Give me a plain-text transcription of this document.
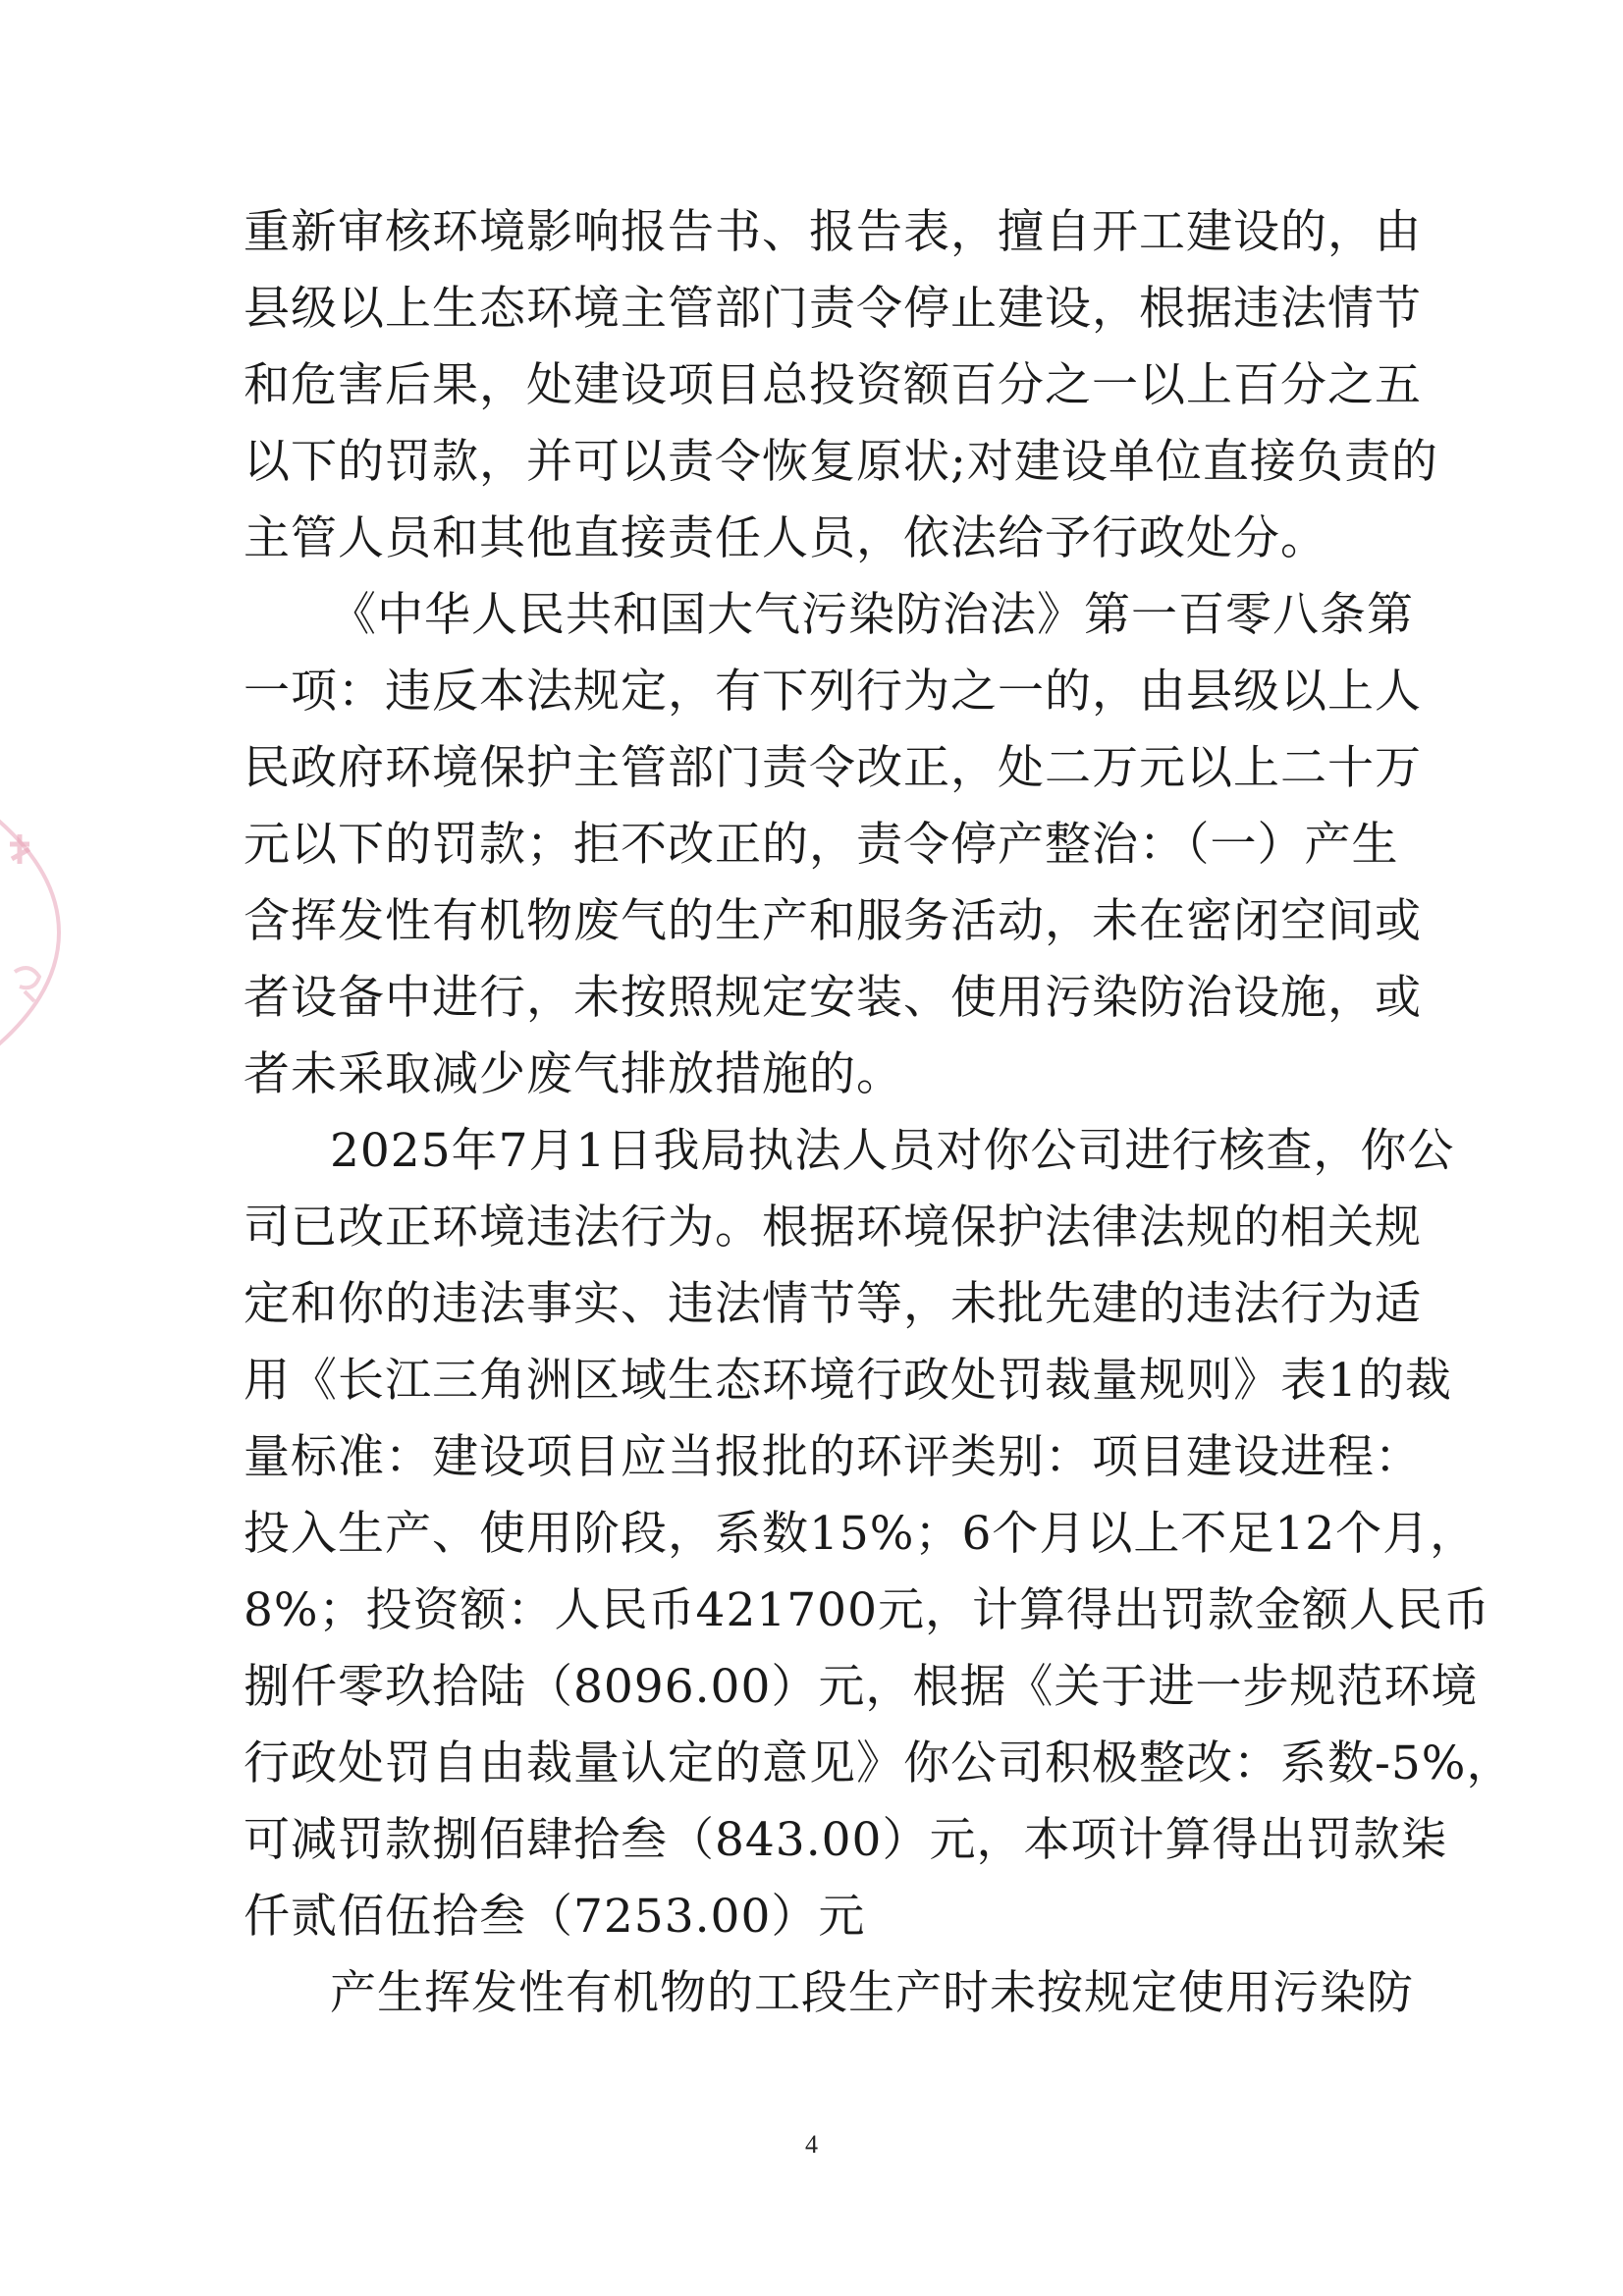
重新审核环境影响报告书、报告表，擅自开工建设的，由
县级以上生态环境主管部门责令停止建设，根据违法情节
和危害后果，处建设项目总投资额百分之一以上百分之五
以下的罚款，并可以责令恢复原状;对建设单位直接负责的
主管人员和其他直接责任人员，依法给予行政处分。
《中华人民共和国大气污染防治法》第一百零八条第
一项：违反本法规定，有下列行为之一的，由县级以上人
民政府环境保护主管部门责令改正，处二万元以上二十万
元以下的罚款；拒不改正的，责令停产整治：（一）产生
含挥发性有机物废气的生产和服务活动，未在密闭空间或
者设备中进行，未按照规定安装、使用污染防治设施，或
者未采取减少废气排放措施的。
2025年7月1日我局执法人员对你公司进行核查，你公
司已改正环境违法行为。根据环境保护法律法规的相关规
定和你的违法事实、违法情节等，未批先建的违法行为适
用《长江三角洲区域生态环境行政处罚裁量规则》表1的裁
量标准：建设项目应当报批的环评类别：项目建设进程：
投入生产、使用阶段，系数15%；6个月以上不足12个月，
8%；投资额：人民币421700元，计算得出罚款金额人民币
捌仟零玖拾陆（8096.00）元，根据《关于进一步规范环境
行政处罚自由裁量认定的意见》你公司积极整改：系数-5%，
可减罚款捌佰肆拾叁（843.00）元，本项计算得出罚款柒
仟贰佰伍拾叁（7253.00）元
产生挥发性有机物的工段生产时未按规定使用污染防
4
